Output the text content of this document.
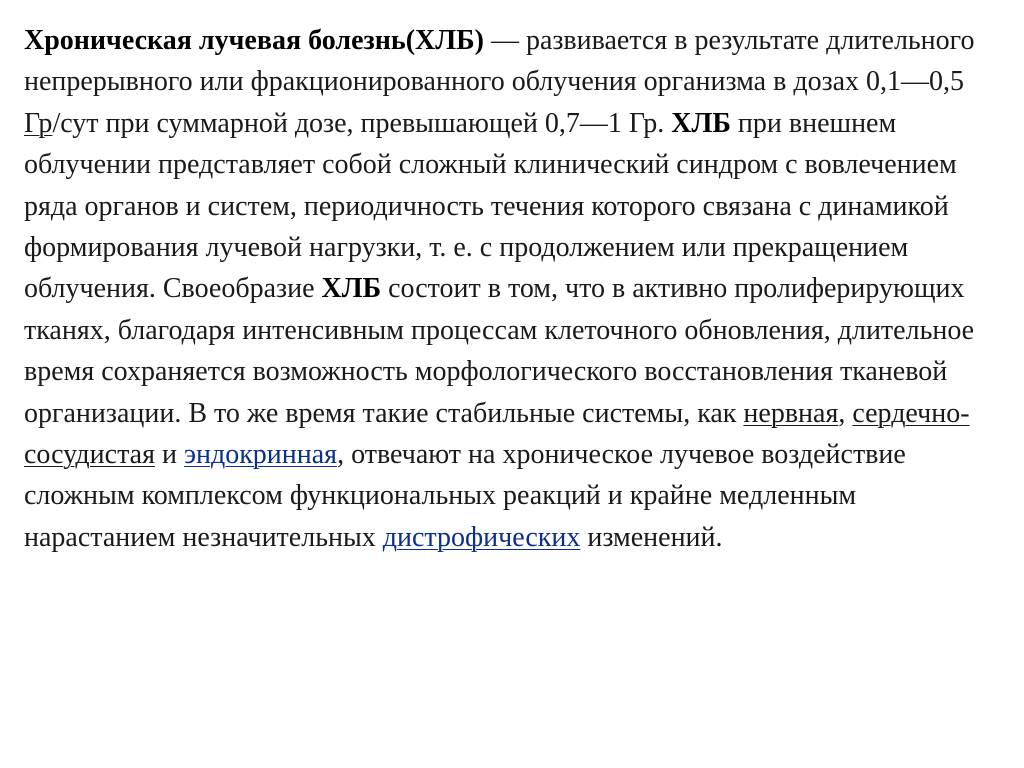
Хроническая лучевая болезнь(ХЛБ) — развивается в результате длительного непрерывного или фракционированного облучения организма в дозах 0,1—0,5 Гр/сут при суммарной дозе, превышающей 0,7—1 Гр. ХЛБ при внешнем облучении представляет собой сложный клинический синдром с вовлечением ряда органов и систем, периодичность течения которого связана с динамикой формирования лучевой нагрузки, т. е. с продолжением или прекращением облучения. Своеобразие ХЛБ состоит в том, что в активно пролиферирующих тканях, благодаря интенсивным процессам клеточного обновления, длительное время сохраняется возможность морфологического восстановления тканевой организации. В то же время такие стабильные системы, как нервная, сердечно-сосудистая и эндокринная, отвечают на хроническое лучевое воздействие сложным комплексом функциональных реакций и крайне медленным нарастанием незначительных дистрофических изменений.
